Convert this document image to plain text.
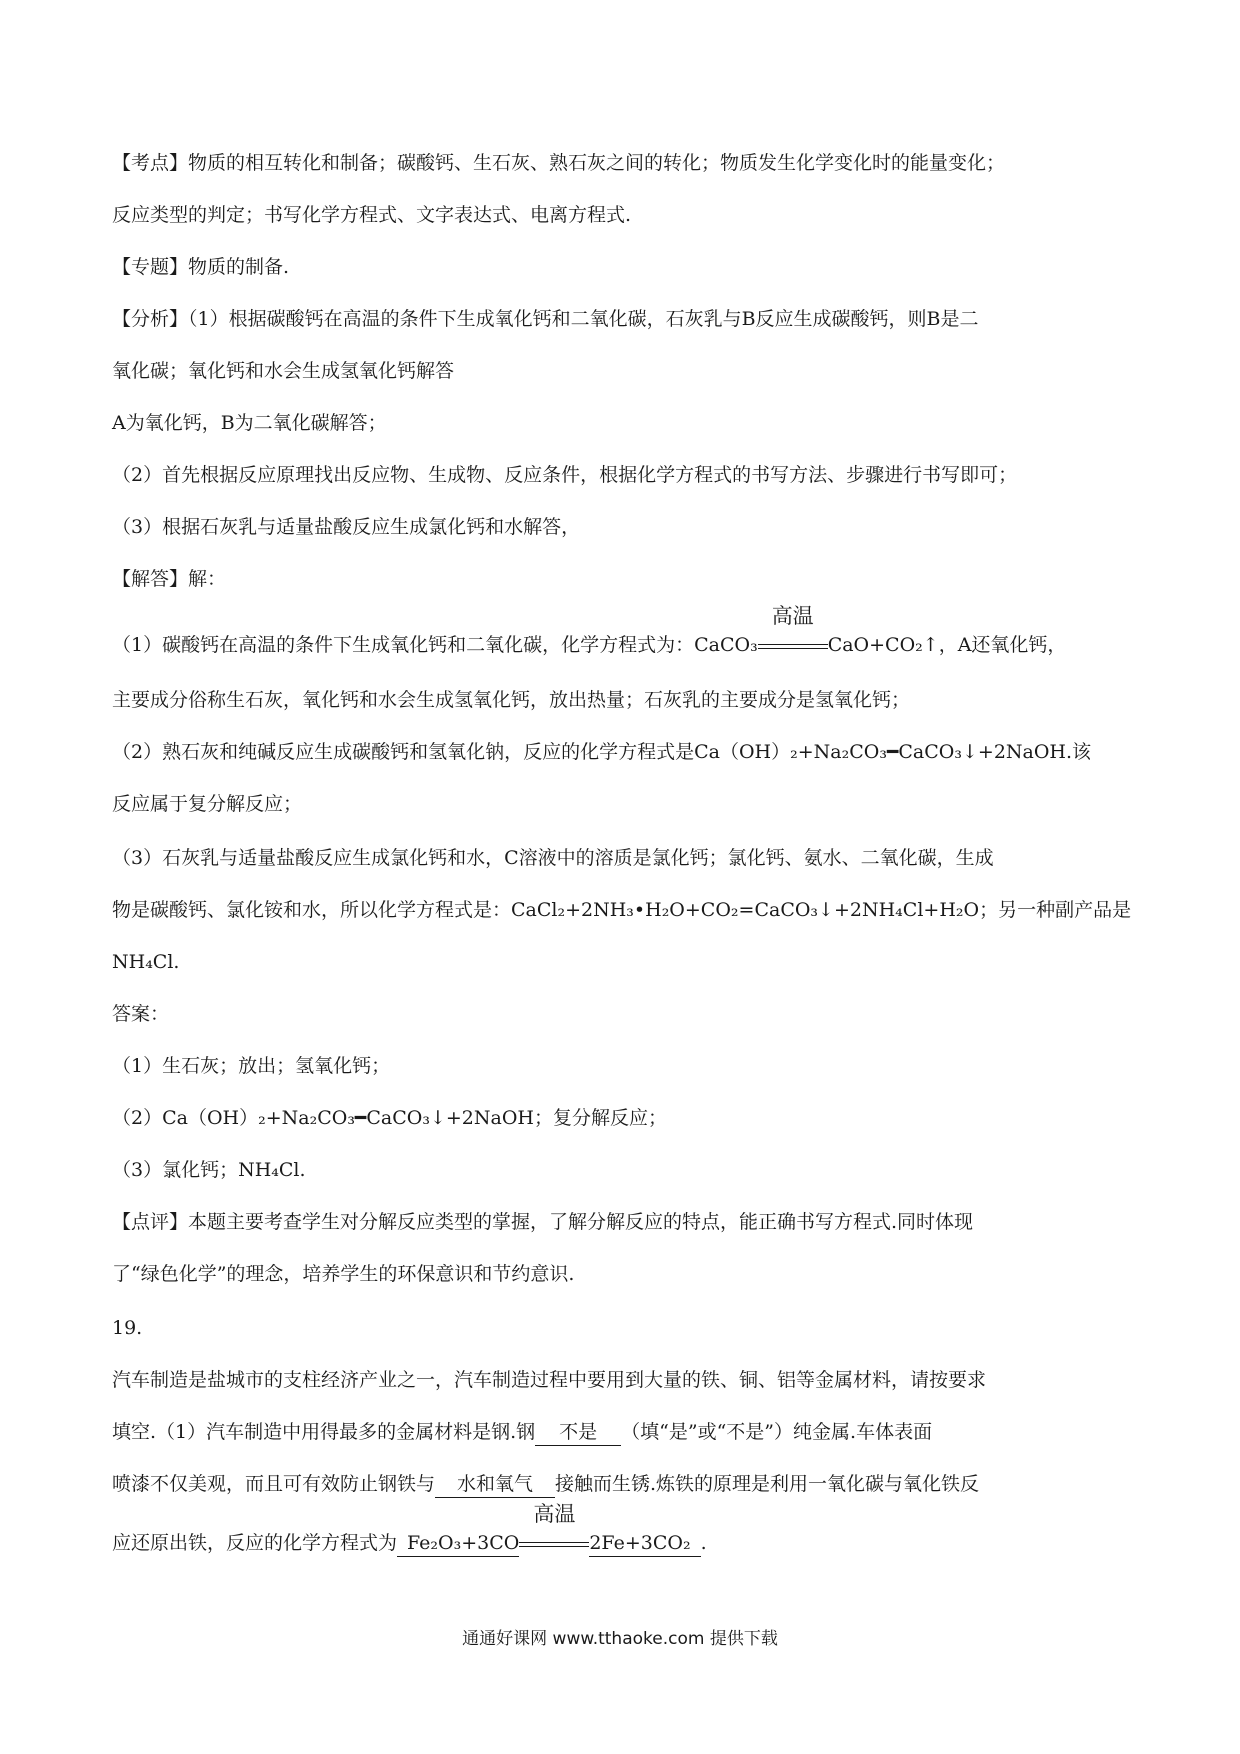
【考点】物质的相互转化和制备；碳酸钙、生石灰、熟石灰之间的转化；物质发生化学变化时的能量变化；
反应类型的判定；书写化学方程式、文字表达式、电离方程式.
【专题】物质的制备.
【分析】（1）根据碳酸钙在高温的条件下生成氧化钙和二氧化碳，石灰乳与B反应生成碳酸钙，则B是二
氧化碳；氧化钙和水会生成氢氧化钙解答
A为氧化钙，B为二氧化碳解答；
（2）首先根据反应原理找出反应物、生成物、反应条件，根据化学方程式的书写方法、步骤进行书写即可；
（3）根据石灰乳与适量盐酸反应生成氯化钙和水解答，
【解答】解：
（1）碳酸钙在高温的条件下生成氧化钙和二氧化碳，化学方程式为：CaCO₃
高温
CaO+CO₂↑，A还氧化钙，
主要成分俗称生石灰，氧化钙和水会生成氢氧化钙，放出热量；石灰乳的主要成分是氢氧化钙；
（2）熟石灰和纯碱反应生成碳酸钙和氢氧化钠，反应的化学方程式是Ca（OH）₂+Na₂CO₃━CaCO₃↓+2NaOH.该
反应属于复分解反应；
（3）石灰乳与适量盐酸反应生成氯化钙和水，C溶液中的溶质是氯化钙；氯化钙、氨水、二氧化碳，生成
物是碳酸钙、氯化铵和水，所以化学方程式是：CaCl₂+2NH₃•H₂O+CO₂=CaCO₃↓+2NH₄Cl+H₂O；另一种副产品是
NH₄Cl.
答案：
（1）生石灰；放出；氢氧化钙；
（2）Ca（OH）₂+Na₂CO₃━CaCO₃↓+2NaOH；复分解反应；
（3）氯化钙；NH₄Cl.
【点评】本题主要考查学生对分解反应类型的掌握，了解分解反应的特点，能正确书写方程式.同时体现
了“绿色化学”的理念，培养学生的环保意识和节约意识.
19.
汽车制造是盐城市的支柱经济产业之一，汽车制造过程中要用到大量的铁、铜、铝等金属材料，请按要求
填空.（1）汽车制造中用得最多的金属材料是钢.钢 不是 （填“是”或“不是”）纯金属.车体表面
喷漆不仅美观，而且可有效防止钢铁与 水和氧气 接触而生锈.炼铁的原理是利用一氧化碳与氧化铁反
应还原出铁，反应的化学方程式为 Fe₂O₃+3CO
高温
2Fe+3CO₂ .
通通好课网 www.tthaoke.com 提供下载
